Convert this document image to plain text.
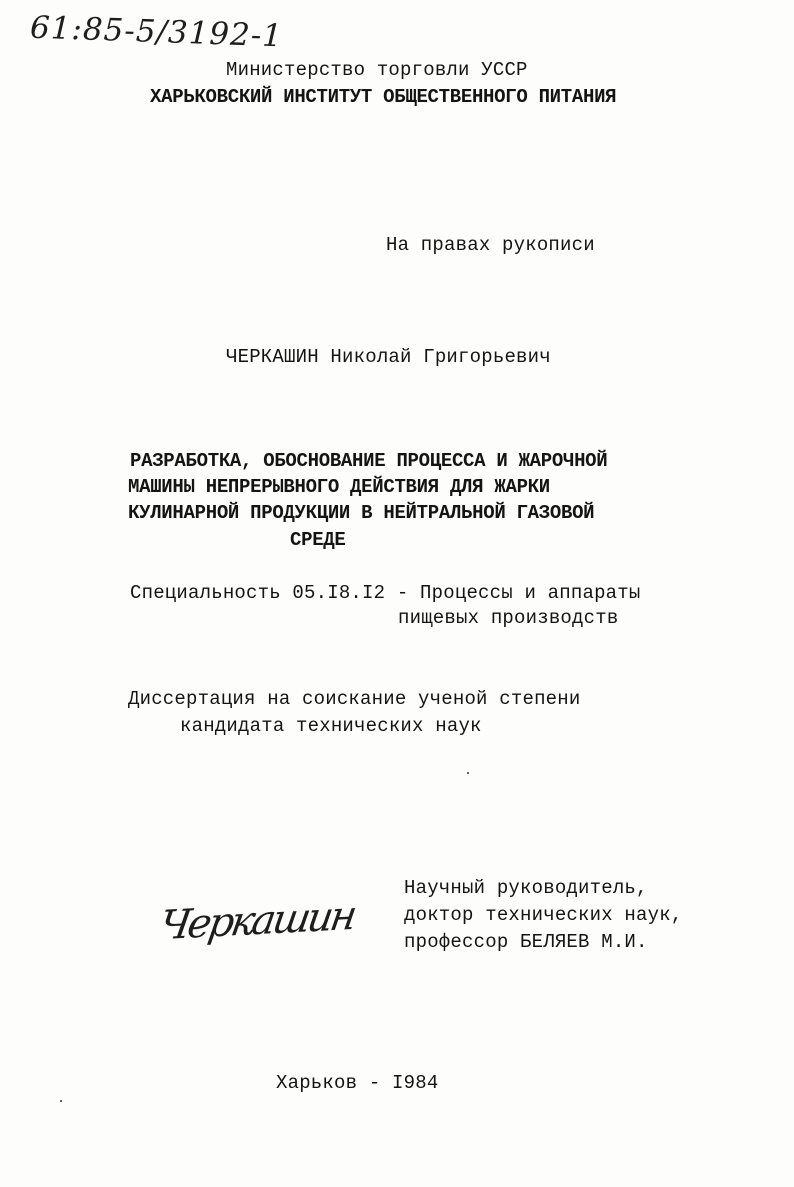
61:85-5/3192-1
Министерство торговли УССР
ХАРЬКОВСКИЙ ИНСТИТУТ ОБЩЕСТВЕННОГО ПИТАНИЯ
На правах рукописи
ЧЕРКАШИН Николай Григорьевич
РАЗРАБОТКА, ОБОСНОВАНИЕ ПРОЦЕССА И ЖАРОЧНОЙ
МАШИНЫ НЕПРЕРЫВНОГО ДЕЙСТВИЯ ДЛЯ ЖАРКИ
КУЛИНАРНОЙ ПРОДУКЦИИ В НЕЙТРАЛЬНОЙ ГАЗОВОЙ
СРЕДЕ
Специальность 05.I8.I2 - Процессы и аппараты
пищевых производств
Диссертация на соискание ученой степени
кандидата технических наук
Черкашин
Научный руководитель,
доктор технических наук,
профессор БЕЛЯЕВ М.И.
Харьков - I984
